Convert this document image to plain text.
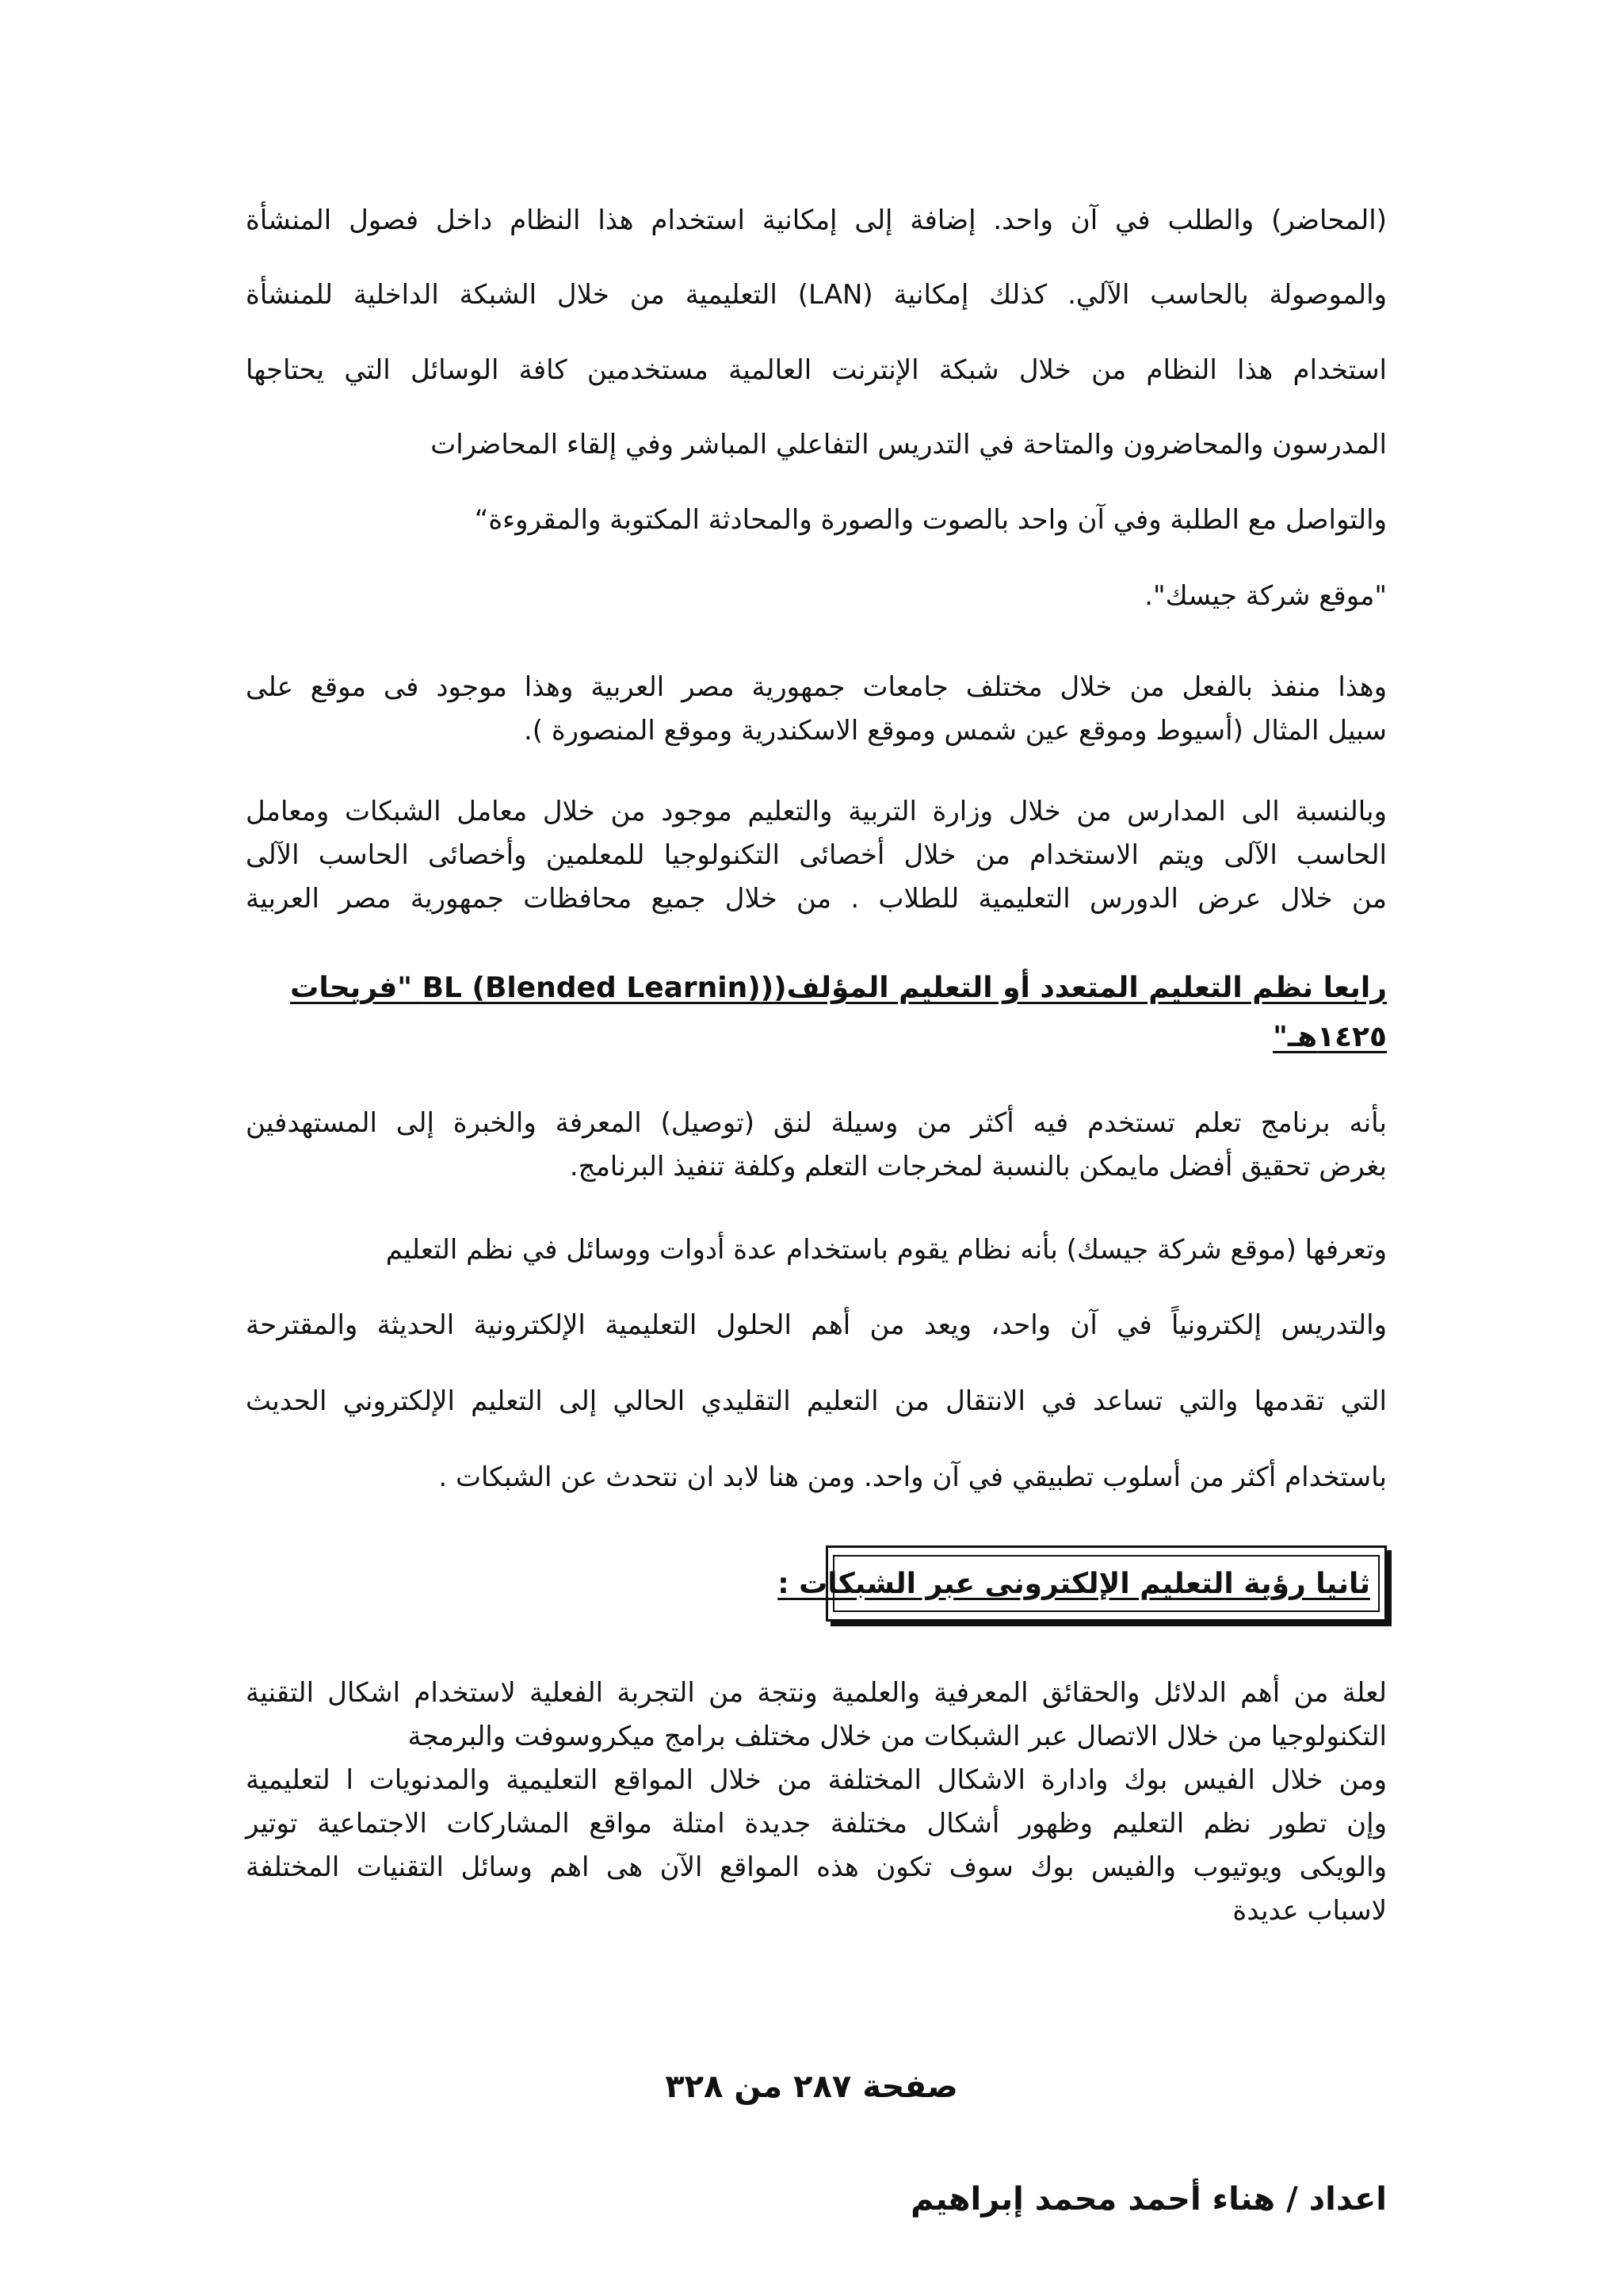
(المحاضر) والطلب في آن واحد. إضافة إلى إمكانية استخدام هذا النظام داخل فصول المنشأة
والموصولة بالحاسب الآلي. كذلك إمكانية (LAN) التعليمية من خلال الشبكة الداخلية للمنشأة
استخدام هذا النظام من خلال شبكة الإنترنت العالمية مستخدمين كافة الوسائل التي يحتاجها
المدرسون والمحاضرون والمتاحة في التدريس التفاعلي المباشر وفي إلقاء المحاضرات
والتواصل مع الطلبة وفي آن واحد بالصوت والصورة والمحادثة المكتوبة والمقروءة“
"موقع شركة جيسك".
وهذا منفذ بالفعل من خلال مختلف جامعات جمهورية مصر العربية وهذا موجود فى موقع على
سبيل المثال (أسيوط وموقع عين شمس وموقع الاسكندرية وموقع المنصورة ).
وبالنسبة الى المدارس من خلال وزارة التربية والتعليم موجود من خلال معامل الشبكات ومعامل
الحاسب الآلى ويتم الاستخدام من خلال أخصائى التكنولوجيا للمعلمين وأخصائى الحاسب الآلى
من خلال عرض الدورس التعليمية للطلاب . من خلال جميع محافظات جمهورية مصر العربية
رابعا نظم التعليم المتعدد أو التعليم المؤلف((BL (Blended Learnin) "فريحات
١٤٢٥هـ"
بأنه برنامج تعلم تستخدم فيه أكثر من وسيلة لنق (توصيل) المعرفة والخبرة إلى المستهدفين
بغرض تحقيق أفضل مايمكن بالنسبة لمخرجات التعلم وكلفة تنفيذ البرنامج.
وتعرفها (موقع شركة جيسك) بأنه نظام يقوم باستخدام عدة أدوات ووسائل في نظم التعليم
والتدريس إلكترونياً في آن واحد، ويعد من أهم الحلول التعليمية الإلكترونية الحديثة والمقترحة
التي تقدمها والتي تساعد في الانتقال من التعليم التقليدي الحالي إلى التعليم الإلكتروني الحديث
باستخدام أكثر من أسلوب تطبيقي في آن واحد. ومن هنا لابد ان نتحدث عن الشبكات .
ثانيا رؤية التعليم الإلكترونى عبر الشبكات :
لعلة من أهم الدلائل والحقائق المعرفية والعلمية ونتجة من التجربة الفعلية لاستخدام اشكال التقنية
التكنولوجيا من خلال الاتصال عبر الشبكات من خلال مختلف برامج ميكروسوفت والبرمجة
ومن خلال الفيس بوك وادارة الاشكال المختلفة من خلال المواقع التعليمية والمدنويات ا لتعليمية
وإن تطور نظم التعليم وظهور أشكال مختلفة جديدة امتلة مواقع المشاركات الاجتماعية توتير
والويكى ويوتيوب والفيس بوك سوف تكون هذه المواقع الآن هى اهم وسائل التقنيات المختلفة
لاسباب عديدة
صفحة ٢٨٧ من ٣٢٨
اعداد / هناء أحمد محمد إبراهيم
